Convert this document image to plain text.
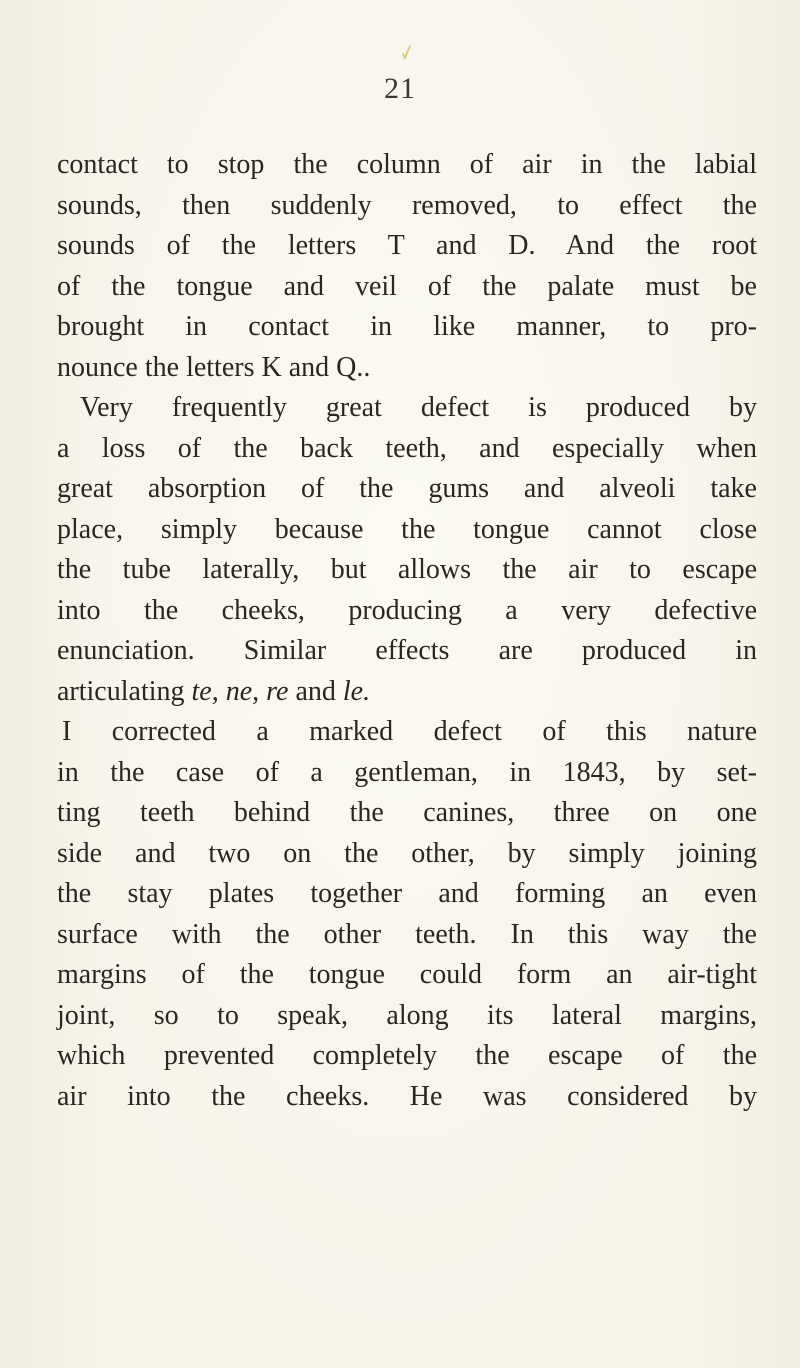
21
contact to stop the column of air in the labial
sounds, then suddenly removed, to effect the
sounds of the letters T and D. And the root
of the tongue and veil of the palate must be
brought in contact in like manner, to pro-
nounce the letters K and Q..
Very frequently great defect is produced by
a loss of the back teeth, and especially when
great absorption of the gums and alveoli take
place, simply because the tongue cannot close
the tube laterally, but allows the air to escape
into the cheeks, producing a very defective
enunciation. Similar effects are produced in
articulating te, ne, re and le.
I corrected a marked defect of this nature
in the case of a gentleman, in 1843, by set-
ting teeth behind the canines, three on one
side and two on the other, by simply joining
the stay plates together and forming an even
surface with the other teeth. In this way the
margins of the tongue could form an air-tight
joint, so to speak, along its lateral margins,
which prevented completely the escape of the
air into the cheeks. He was considered by
